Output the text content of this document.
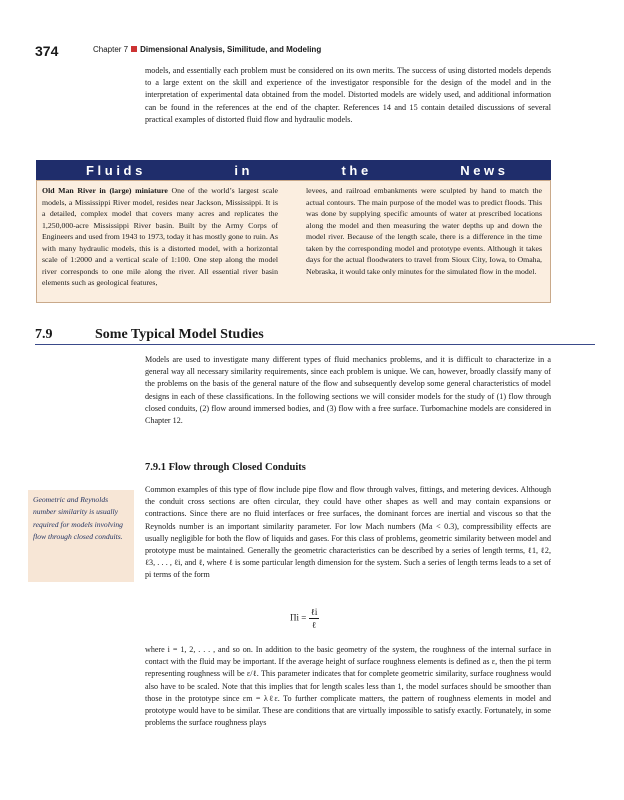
374	Chapter 7 Dimensional Analysis, Similitude, and Modeling

models, and essentially each problem must be considered on its own merits. The success of using distorted models depends to a large extent on the skill and experience of the investigator responsible for the design of the model and in the interpretation of experimental data obtained from the model. Distorted models are widely used, and additional information can be found in the references at the end of the chapter. References 14 and 15 contain detailed discussions of several practical examples of distorted fluid flow and hydraulic models.

F l u i d s	i n	t h e	N e w s
Old Man River in (large) miniature One of the world’s largest scale models, a Mississippi River model, resides near Jackson, Mississippi. It is a detailed, complex model that covers many acres and replicates the 1,250,000-acre Mississippi River basin. Built by the Army Corps of Engineers and used from 1943 to 1973, today it has mostly gone to ruin. As with many hydraulic models, this is a distorted model, with a horizontal scale of 1:2000 and a vertical scale of 1:100. One step along the model river corresponds to one mile along the river. All essential river basin elements such as geological features,
levees, and railroad embankments were sculpted by hand to match the actual contours. The main purpose of the model was to predict floods. This was done by supplying specific amounts of water at prescribed locations along the model and then measuring the water depths up and down the model river. Because of the length scale, there is a difference in the time taken by the corresponding model and prototype events. Although it takes days for the actual floodwaters to travel from Sioux City, Iowa, to Omaha, Nebraska, it would take only minutes for the simulated flow in the model.
7.9	Some Typical Model Studies

Models are used to investigate many different types of fluid mechanics problems, and it is difficult to characterize in a general way all necessary similarity requirements, since each problem is unique. We can, however, broadly classify many of the problems on the basis of the general nature of the flow and subsequently develop some general characteristics of model designs in each of these classifications. In the following sections we will consider models for the study of (1) flow through closed conduits, (2) flow around immersed bodies, and (3) flow with a free surface. Turbomachine models are considered in Chapter 12.

7.9.1 Flow through Closed Conduits
Geometric and Reynolds number similarity is usually required for models involving flow through closed conduits.

Common examples of this type of flow include pipe flow and flow through valves, fittings, and metering devices. Although the conduit cross sections are often circular, they could have other shapes as well and may contain expansions or contractions. Since there are no fluid interfaces or free surfaces, the dominant forces are inertial and viscous so that the Reynolds number is an important similarity parameter. For low Mach numbers (Ma < 0.3), compressibility effects are usually negligible for both the flow of liquids and gases. For this class of problems, geometric similarity between model and prototype must be maintained. Generally the geometric characteristics can be described by a series of length terms, ℓ1, ℓ2, ℓ3, . . . , ℓi, and ℓ, where ℓ is some particular length dimension for the system. Such a series of length terms leads to a set of pi terms of the form

$\Pi i = \frac{\text{ℓi}}{\text{ℓ}}$

where i = 1, 2, . . . , and so on. In addition to the basic geometry of the system, the roughness of the internal surface in contact with the fluid may be important. If the average height of surface roughness elements is defined as ε, then the pi term representing roughness will be ε/ℓ. This parameter indicates that for complete geometric similarity, surface roughness would also have to be scaled. Note that this implies that for length scales less than 1, the model surfaces should be smoother than those in the prototype since εm = λℓε. To further complicate matters, the pattern of roughness elements in model and prototype would have to be similar. These are conditions that are virtually impossible to satisfy exactly. Fortunately, in some problems the surface roughness plays
